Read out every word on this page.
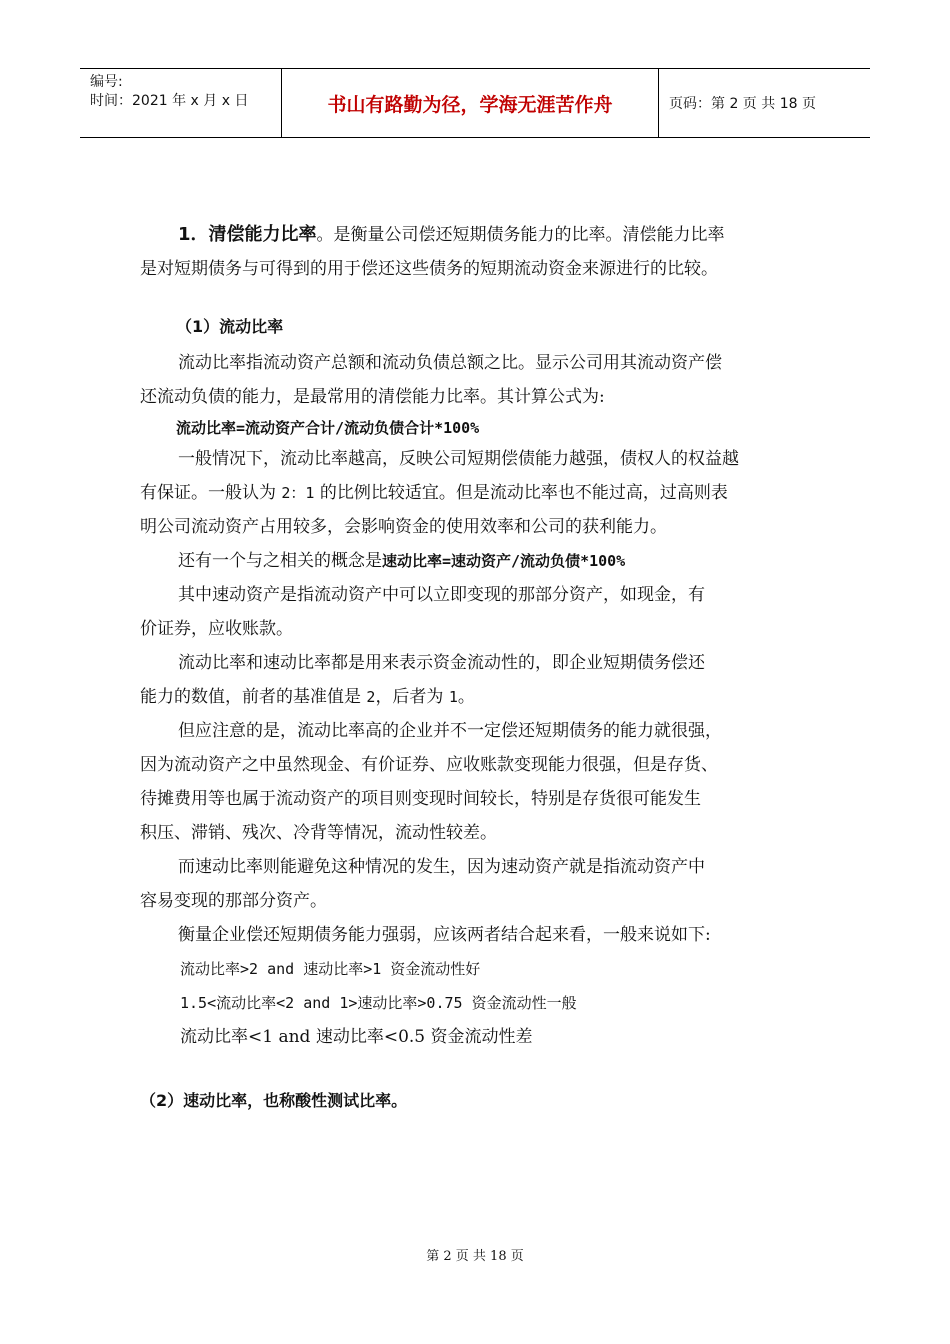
编号:
时间：2021 年 x 月 x 日	书山有路勤为径，学海无涯苦作舟	页码：第 2 页 共 18 页

1．清偿能力比率。是衡量公司偿还短期债务能力的比率。清偿能力比率

是对短期债务与可得到的用于偿还这些债务的短期流动资金来源进行的比较。

（1）流动比率

流动比率指流动资产总额和流动负债总额之比。显示公司用其流动资产偿

还流动负债的能力，是最常用的清偿能力比率。其计算公式为:

流动比率=流动资产合计/流动负债合计*100%

一般情况下，流动比率越高，反映公司短期偿债能力越强，债权人的权益越

有保证。一般认为 2：1 的比例比较适宜。但是流动比率也不能过高，过高则表

明公司流动资产占用较多，会影响资金的使用效率和公司的获利能力。

还有一个与之相关的概念是速动比率=速动资产/流动负债*100%

其中速动资产是指流动资产中可以立即变现的那部分资产，如现金，有

价证券，应收账款。

流动比率和速动比率都是用来表示资金流动性的，即企业短期债务偿还

能力的数值，前者的基准值是 2，后者为 1。

但应注意的是，流动比率高的企业并不一定偿还短期债务的能力就很强，

因为流动资产之中虽然现金、有价证券、应收账款变现能力很强，但是存货、

待摊费用等也属于流动资产的项目则变现时间较长，特别是存货很可能发生

积压、滞销、残次、冷背等情况，流动性较差。

而速动比率则能避免这种情况的发生，因为速动资产就是指流动资产中

容易变现的那部分资产。

衡量企业偿还短期债务能力强弱，应该两者结合起来看，一般来说如下:

流动比率>2 and 速动比率>1 资金流动性好

1.5<流动比率<2 and 1>速动比率>0.75 资金流动性一般

流动比率<1 and 速动比率<0.5 资金流动性差

（2）速动比率，也称酸性测试比率。

第 2 页 共 18 页
